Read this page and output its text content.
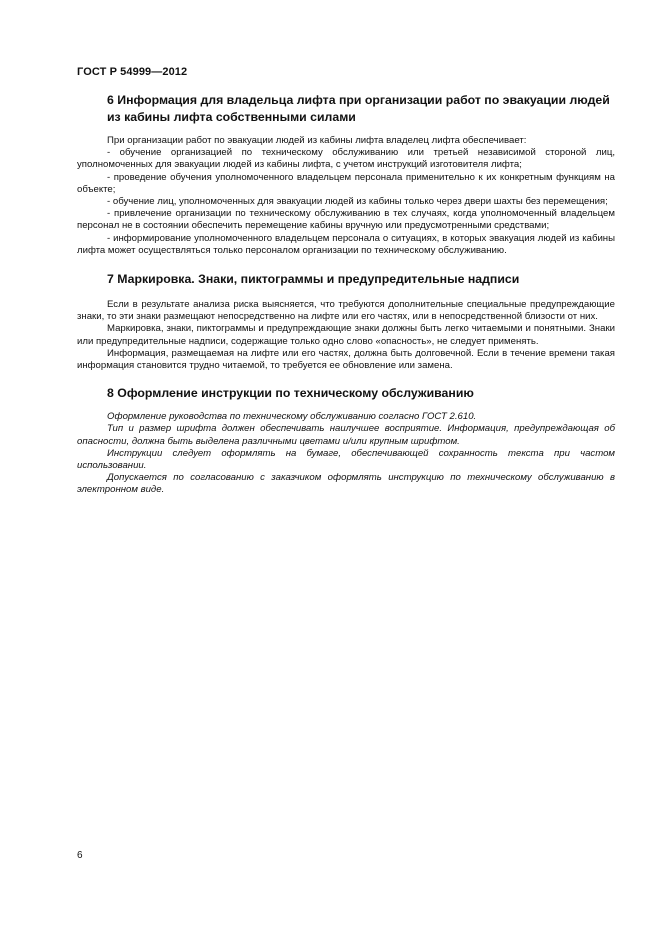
ГОСТ Р 54999—2012
6 Информация для владельца лифта при организации работ по эвакуации людей из кабины лифта собственными силами

При организации работ по эвакуации людей из кабины лифта владелец лифта обеспечивает:

- обучение организацией по техническому обслуживанию или третьей независимой стороной лиц, уполномоченных для эвакуации людей из кабины лифта, с учетом инструкций изготовителя лифта;

- проведение обучения уполномоченного владельцем персонала применительно к их конкретным функциям на объекте;

- обучение лиц, уполномоченных для эвакуации людей из кабины только через двери шахты без перемещения;

- привлечение организации по техническому обслуживанию в тех случаях, когда уполномоченный владельцем персонал не в состоянии обеспечить перемещение кабины вручную или предусмотренными средствами;

- информирование уполномоченного владельцем персонала о ситуациях, в которых эвакуация людей из кабины лифта может осуществляться только персоналом организации по техническому обслуживанию.

7 Маркировка. Знаки, пиктограммы и предупредительные надписи

Если в результате анализа риска выясняется, что требуются дополнительные специальные предупреждающие знаки, то эти знаки размещают непосредственно на лифте или его частях, или в непосредственной близости от них.

Маркировка, знаки, пиктограммы и предупреждающие знаки должны быть легко читаемыми и понятными. Знаки или предупредительные надписи, содержащие только одно слово «опасность», не следует применять.

Информация, размещаемая на лифте или его частях, должна быть долговечной. Если в течение времени такая информация становится трудно читаемой, то требуется ее обновление или замена.

8 Оформление инструкции по техническому обслуживанию

Оформление руководства по техническому обслуживанию согласно ГОСТ 2.610.

Тип и размер шрифта должен обеспечивать наилучшее восприятие. Информация, предупреждающая об опасности, должна быть выделена различными цветами и/или крупным шрифтом.

Инструкции следует оформлять на бумаге, обеспечивающей сохранность текста при частом использовании.

Допускается по согласованию с заказчиком оформлять инструкцию по техническому обслуживанию в электронном виде.

6
